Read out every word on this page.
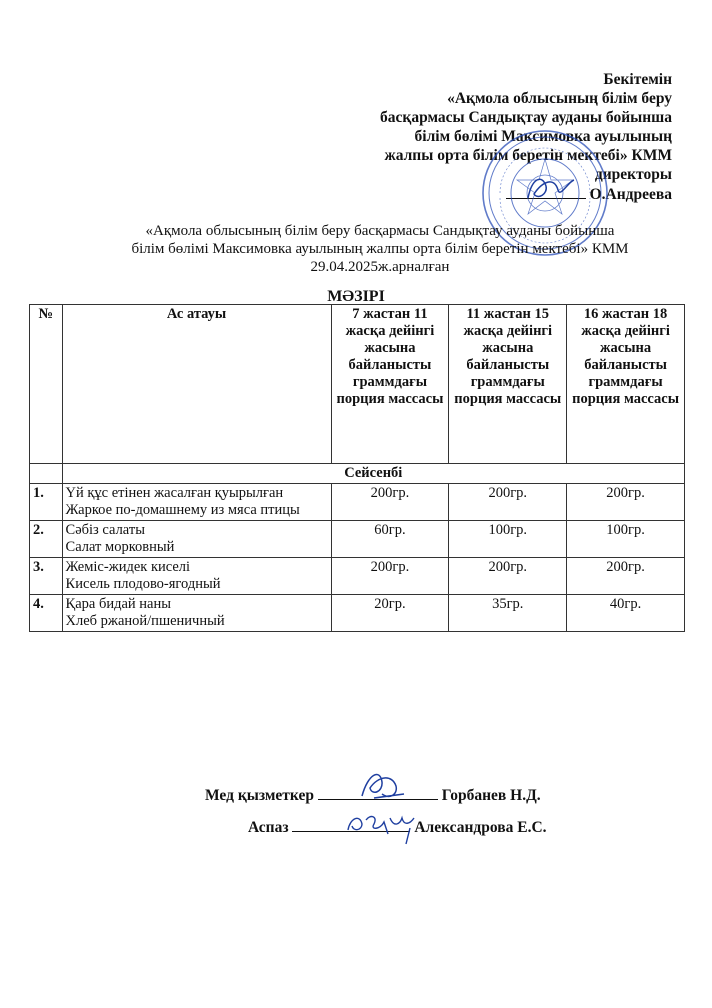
Бекітемін
«Ақмола облысының білім беру
басқармасы Сандықтау ауданы бойынша
білім бөлімі Максимовка ауылының
жалпы орта білім беретін мектебі» КММ
директоры
О.Андреева
«Ақмола облысының білім беру басқармасы Сандықтау ауданы бойынша
білім бөлімі Максимовка ауылының жалпы орта білім беретін мектебі» КММ
29.04.2025ж.арналған
МӘЗІРІ
№	Ас атауы	7 жастан 11 жасқа дейінгі жасына байланысты граммдағы порция массасы	11 жастан 15 жасқа дейінгі жасына байланысты граммдағы порция массасы	16 жастан 18 жасқа дейінгі жасына байланысты граммдағы порция массасы
	Сейсенбі			
1.	Үй құс етінен жасалған қуырылған
Жаркое по-домашнему из мяса птицы	200гр.	200гр.	200гр.
2.	Сәбіз салаты
Салат морковный	60гр.	100гр.	100гр.
3.	Жеміс-жидек киселі
Кисель плодово-ягодный	200гр.	200гр.	200гр.
4.	Қара бидай наны
Хлеб ржаной/пшеничный	20гр.	35гр.	40гр.
Мед қызметкер	Горбанев Н.Д.
Аспаз	Александрова Е.С.
